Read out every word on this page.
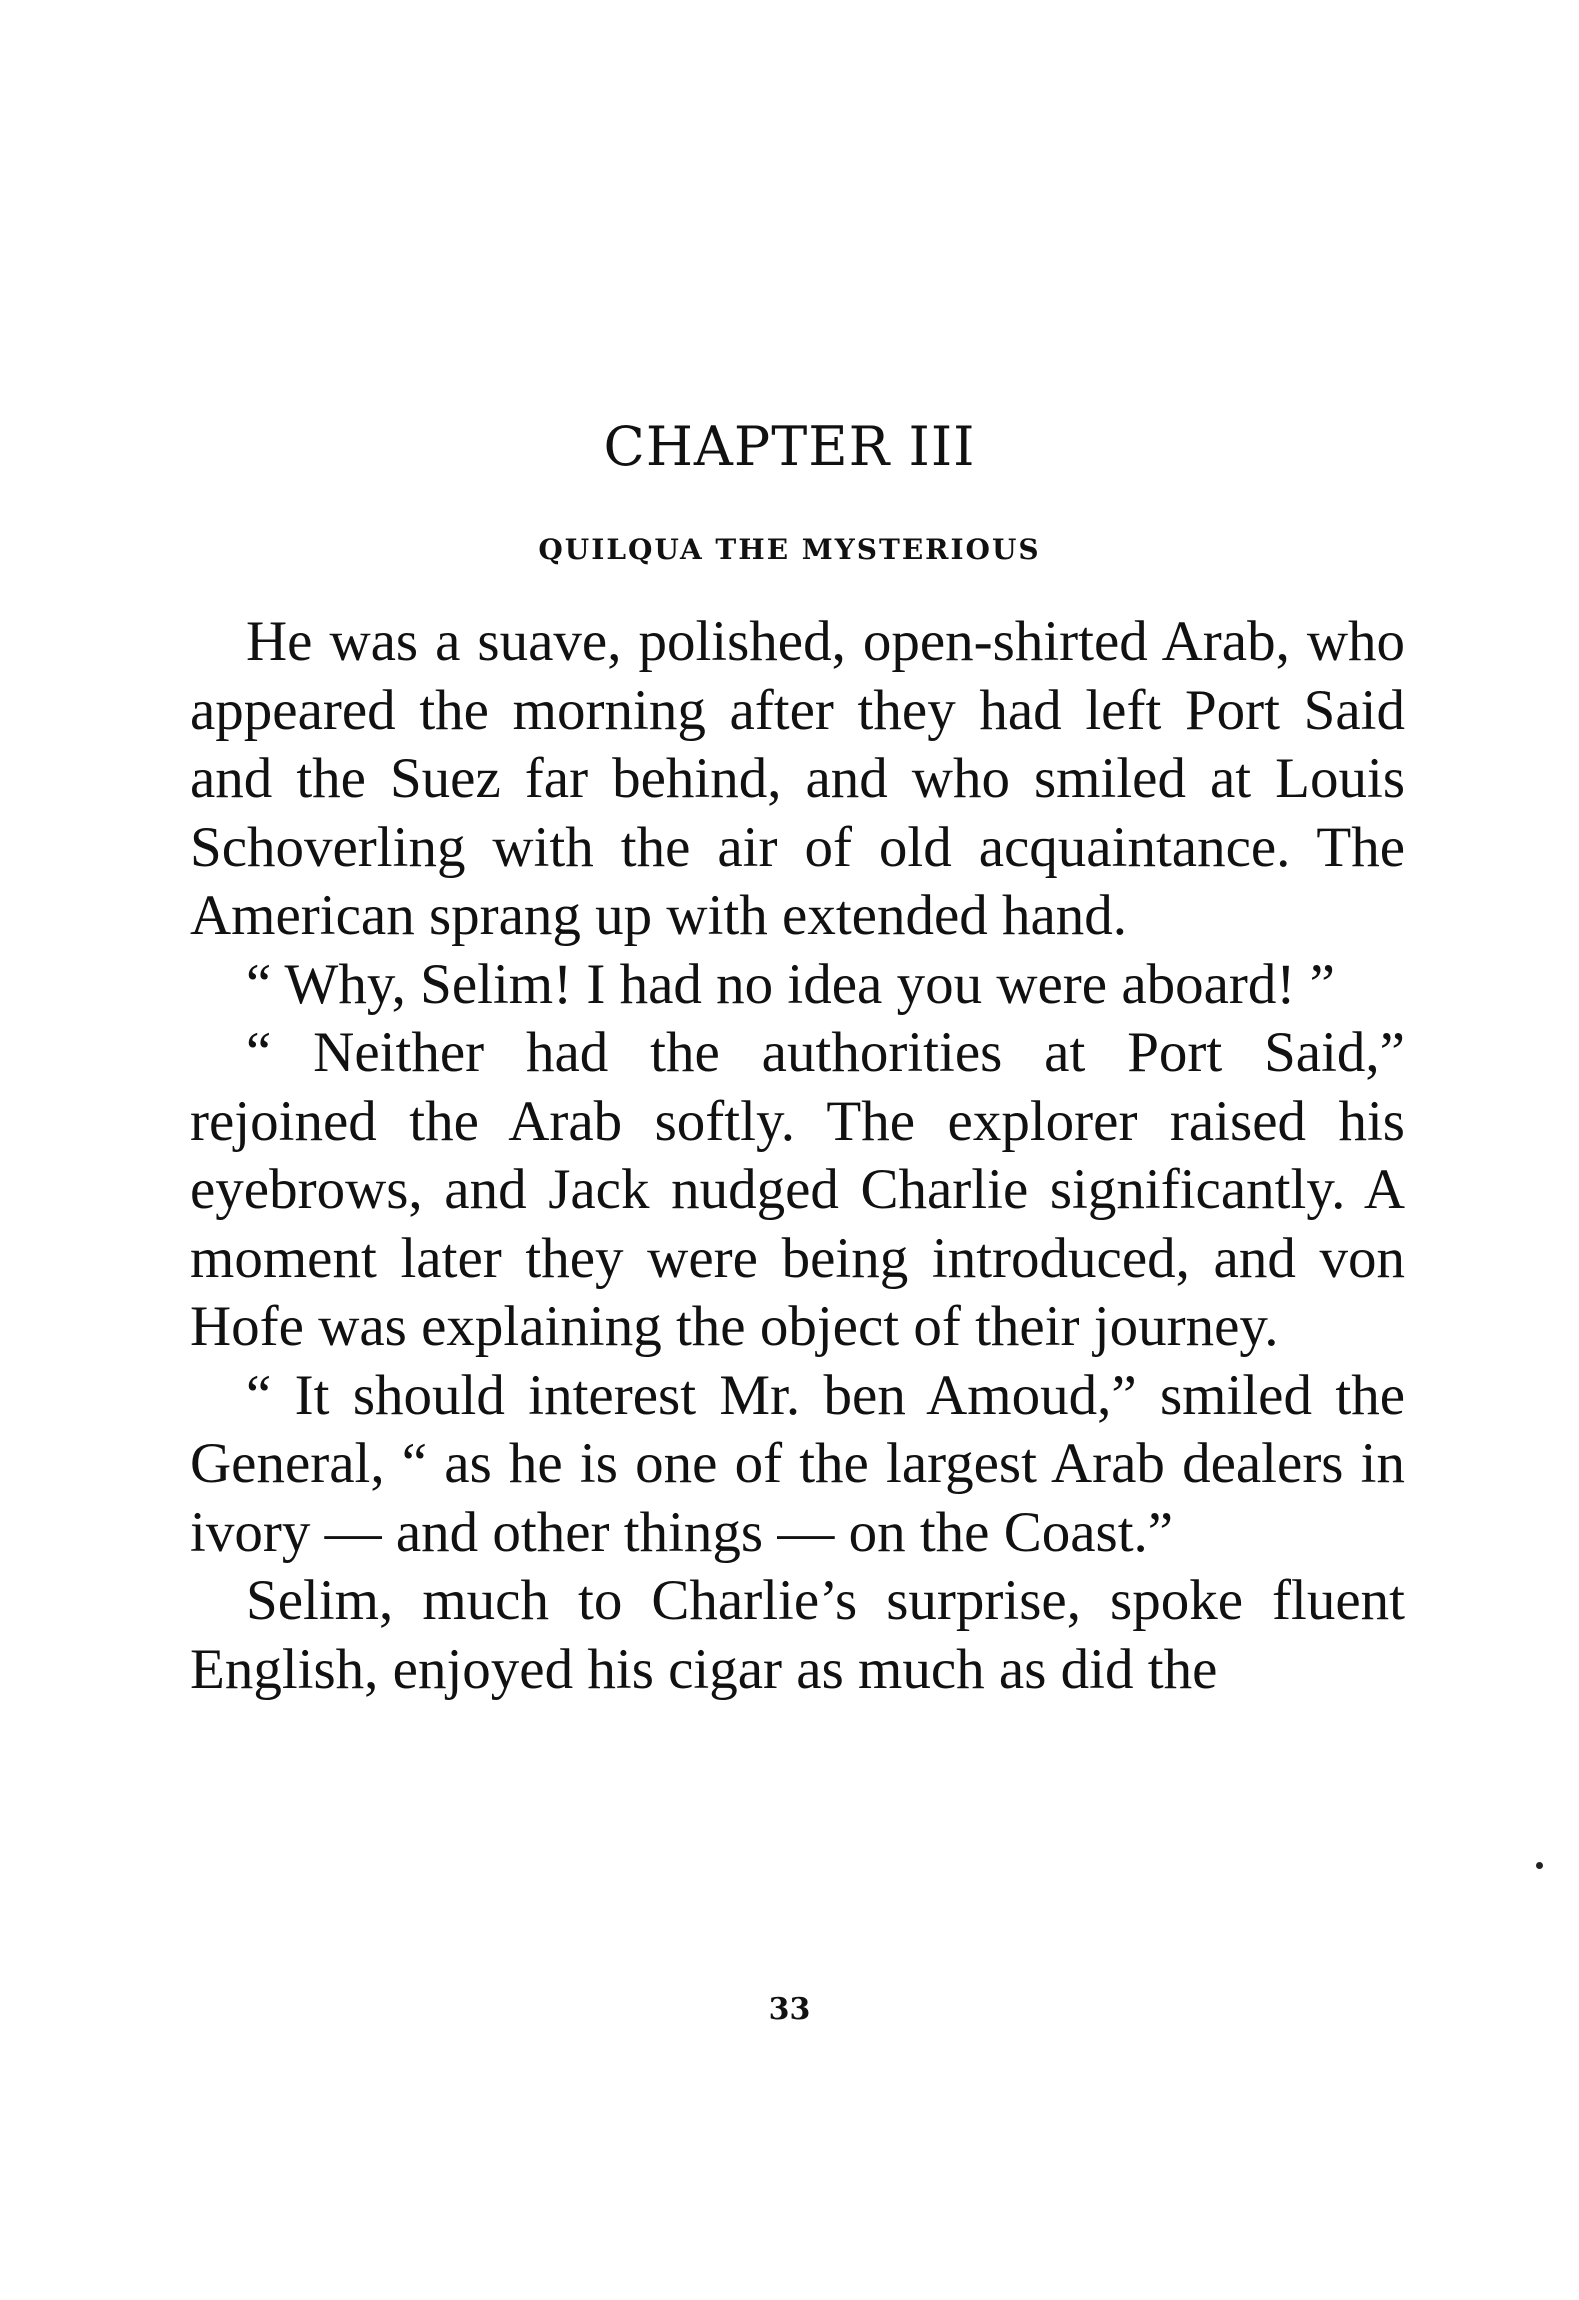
CHAPTER III
QUILQUA THE MYSTERIOUS

He was a suave, polished, open-shirted Arab, who appeared the morning after they had left Port Said and the Suez far behind, and who smiled at Louis Schoverling with the air of old acquaintance. The American sprang up with extended hand.

“ Why, Selim! I had no idea you were aboard! ”

“ Neither had the authorities at Port Said,” rejoined the Arab softly. The explorer raised his eyebrows, and Jack nudged Charlie significantly. A moment later they were being introduced, and von Hofe was explaining the object of their journey.

“ It should interest Mr. ben Amoud,” smiled the General, “ as he is one of the largest Arab dealers in ivory — and other things — on the Coast.”

Selim, much to Charlie’s surprise, spoke fluent English, enjoyed his cigar as much as did the

33
